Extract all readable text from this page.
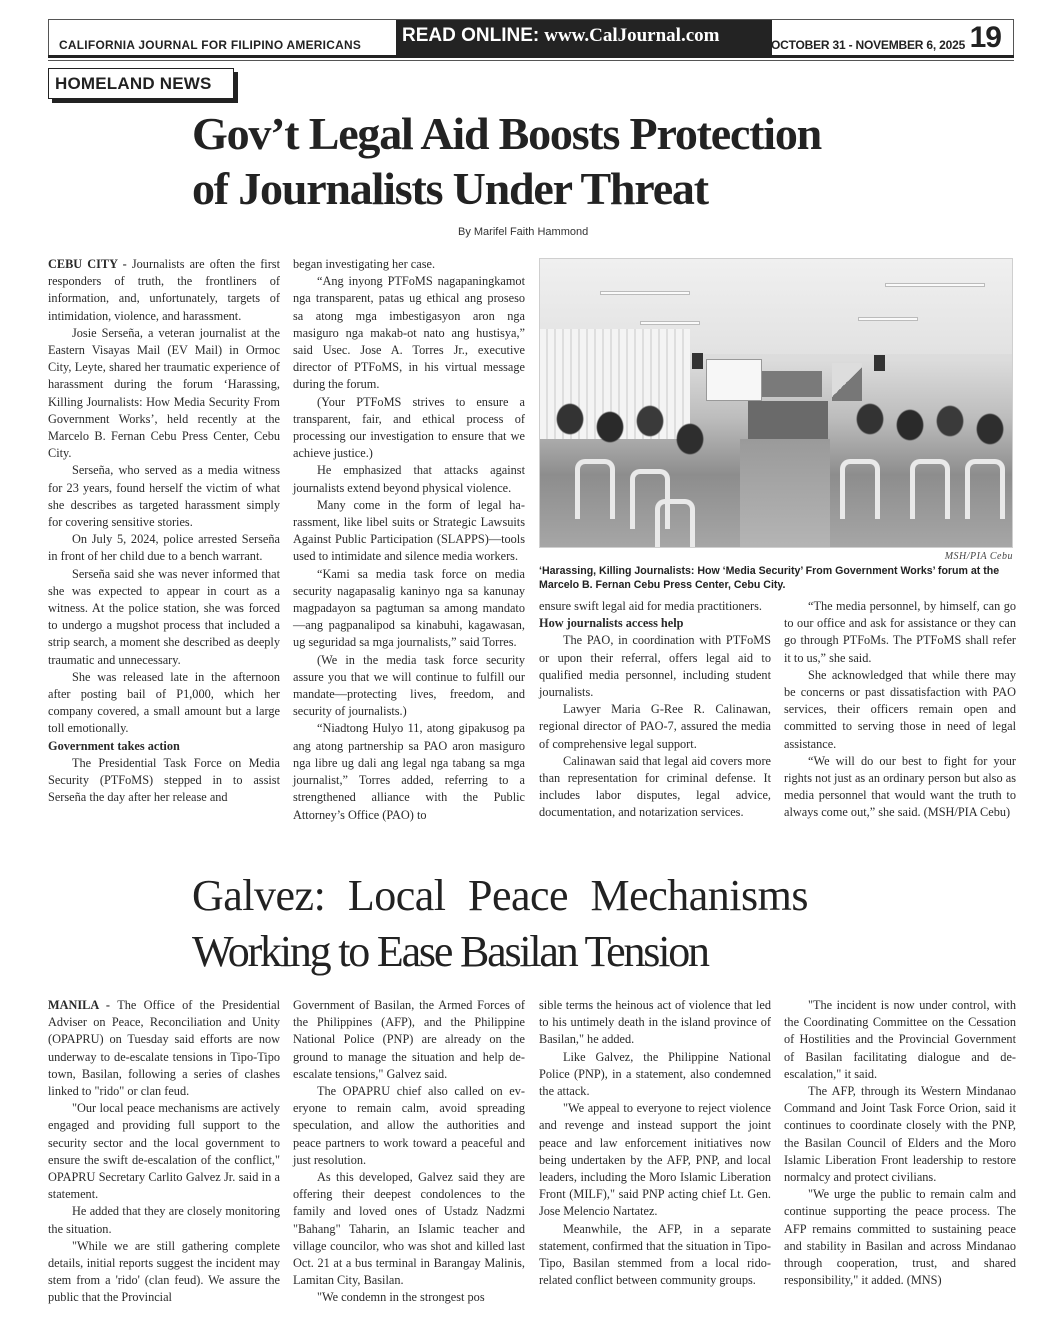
CALIFORNIA JOURNAL FOR FILIPINO AMERICANS	READ ONLINE: www.CalJournal.com	OCTOBER 31 - NOVEMBER 6, 2025 19
HOMELAND NEWS
Gov’t Legal Aid Boosts Protection
of Journalists Under Threat
By Marifel Faith Hammond

CEBU CITY - Journalists are often the first responders of truth, the frontliners of information, and, unfortunately, targets of intimidation, violence, and harassment.

Josie Serseña, a veteran journalist at the Eastern Visayas Mail (EV Mail) in Ormoc City, Leyte, shared her traumatic experience of harassment during the forum ‘Harassing, Killing Journalists: How Media Security From Government Works’, held recently at the Marcelo B. Fernan Cebu Press Center, Cebu City.

Serseña, who served as a media witness for 23 years, found herself the victim of what she describes as targeted harassment simply for covering sensitive stories.

On July 5, 2024, police arrested Serseña in front of her child due to a bench warrant.

Serseña said she was never informed that she was expected to appear in court as a witness. At the police station, she was forced to undergo a mugshot process that included a strip search, a moment she described as deeply traumatic and unnecessary.

She was released late in the afternoon after posting bail of P1,000, which her company covered, a small amount but a large toll emotionally.

Government takes action

The Presidential Task Force on Media Security (PTFoMS) stepped in to assist Serseña the day after her release and

began investigating her case.

“Ang inyong PTFoMS nagapaningkamot nga transparent, patas ug ethical ang proseso sa atong mga imbestigasyon aron nga masiguro nga makab-ot nato ang hustisya,” said Usec. Jose A. Torres Jr., executive director of PTFoMS, in his virtual message during the forum.

(Your PTFoMS strives to ensure a transparent, fair, and ethical process of processing our investigation to ensure that we achieve justice.)

He emphasized that attacks against journalists extend beyond physical violence.

Many come in the form of legal harassment, like libel suits or Strategic Lawsuits Against Public Participation (SLAPPS)—tools used to intimidate and silence media workers.

“Kami sa media task force on media security nagapasalig kaninyo nga sa kanunay magpadayon sa pagtuman sa among mandato—ang pagpanalipod sa kinabuhi, kagawasan, ug seguridad sa mga journalists,” said Torres.

(We in the media task force security assure you that we will continue to fulfill our mandate—protecting lives, freedom, and security of journalists.)

“Niadtong Hulyo 11, atong gipakusog pa ang atong partnership sa PAO aron masiguro nga libre ug dali ang legal nga tabang sa mga journalist,” Torres added, referring to a strengthened alliance with the Public Attorney’s Office (PAO) to

MSH/PIA Cebu
‘Harassing, Killing Journalists: How ‘Media Security’ From Government Works’ forum at the Marcelo B. Fernan Cebu Press Center, Cebu City.

ensure swift legal aid for media practitioners.

How journalists access help

The PAO, in coordination with PTFoMS or upon their referral, offers legal aid to qualified media personnel, including student journalists.

Lawyer Maria G-Ree R. Calinawan, regional director of PAO-7, assured the media of comprehensive legal support.

Calinawan said that legal aid covers more than representation for criminal defense. It includes labor disputes, legal advice, documentation, and notarization services.

“The media personnel, by himself, can go to our office and ask for assistance or they can go through PTFoMs. The PTFoMS shall refer it to us,” she said.

She acknowledged that while there may be concerns or past dissatisfaction with PAO services, their officers remain open and committed to serving those in need of legal assistance.

“We will do our best to fight for your rights not just as an ordinary person but also as media personnel that would want the truth to always come out,” she said. (MSH/PIA Cebu)

Galvez: Local Peace Mechanisms
Working to Ease Basilan Tension

MANILA - The Office of the Presidential Adviser on Peace, Reconciliation and Unity (OPAPRU) on Tuesday said efforts are now underway to de-escalate tensions in Tipo-Tipo town, Basilan, following a series of clashes linked to "rido" or clan feud.

"Our local peace mechanisms are actively engaged and providing full support to the security sector and the local government to ensure the swift de-escalation of the conflict," OPAPRU Secretary Carlito Galvez Jr. said in a statement.

He added that they are closely monitoring the situation.

"While we are still gathering complete details, initial reports suggest the incident may stem from a 'rido' (clan feud). We assure the public that the Provincial

Government of Basilan, the Armed Forces of the Philippines (AFP), and the Philippine National Police (PNP) are already on the ground to manage the situation and help de-escalate tensions," Galvez said.

The OPAPRU chief also called on everyone to remain calm, avoid spreading speculation, and allow the authorities and peace partners to work toward a peaceful and just resolution.

As this developed, Galvez said they are offering their deepest condolences to the family and loved ones of Ustadz Nadzmi "Bahang" Taharin, an Islamic teacher and village councilor, who was shot and killed last Oct. 21 at a bus terminal in Barangay Malinis, Lamitan City, Basilan.

"We condemn in the strongest pos

sible terms the heinous act of violence that led to his untimely death in the island province of Basilan," he added.

Like Galvez, the Philippine National Police (PNP), in a statement, also condemned the attack.

"We appeal to everyone to reject violence and revenge and instead support the joint peace and law enforcement initiatives now being undertaken by the AFP, PNP, and local leaders, including the Moro Islamic Liberation Front (MILF)," said PNP acting chief Lt. Gen. Jose Melencio Nartatez.

Meanwhile, the AFP, in a separate statement, confirmed that the situation in Tipo-Tipo, Basilan stemmed from a local rido-related conflict between community groups.

"The incident is now under control, with the Coordinating Committee on the Cessation of Hostilities and the Provincial Government of Basilan facilitating dialogue and de-escalation," it said.

The AFP, through its Western Mindanao Command and Joint Task Force Orion, said it continues to coordinate closely with the PNP, the Basilan Council of Elders and the Moro Islamic Liberation Front leadership to restore normalcy and protect civilians.

"We urge the public to remain calm and continue supporting the peace process. The AFP remains committed to sustaining peace and stability in Basilan and across Mindanao through cooperation, trust, and shared responsibility," it added. (MNS)
